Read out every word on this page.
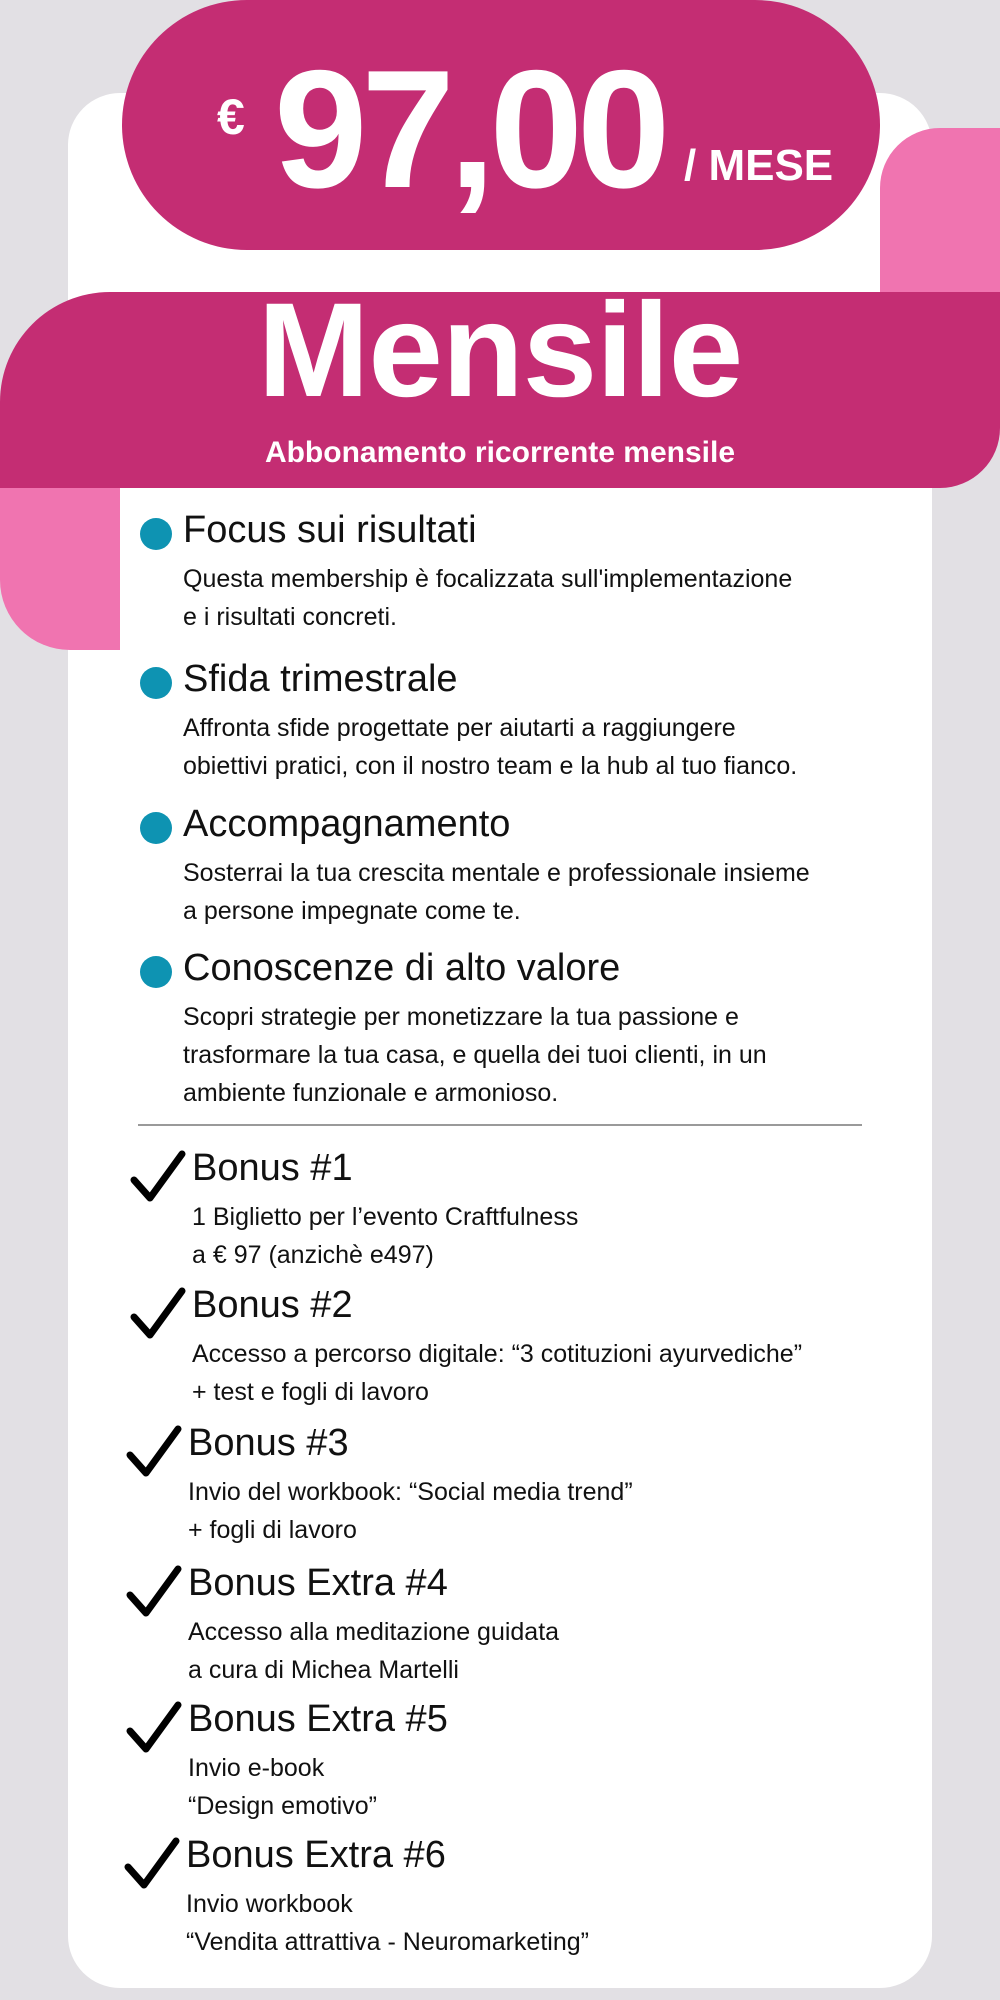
Mensile
Abbonamento ricorrente mensile
€ 97,00 / MESE
Focus sui risultati
Questa membership è focalizzata sull'implementazione
e i risultati concreti.
Sfida trimestrale
Affronta sfide progettate per aiutarti a raggiungere
obiettivi pratici, con il nostro team e la hub al tuo fianco.
Accompagnamento
Sosterrai la tua crescita mentale e professionale insieme
a persone impegnate come te.
Conoscenze di alto valore
Scopri strategie per monetizzare la tua passione e
trasformare la tua casa, e quella dei tuoi clienti, in un
ambiente funzionale e armonioso.
Bonus #1
1 Biglietto per l’evento Craftfulness
a € 97 (anzichè e497)
Bonus #2
Accesso a percorso digitale: “3 cotituzioni ayurvediche”
+ test e fogli di lavoro
Bonus #3
Invio del workbook: “Social media trend”
+ fogli di lavoro
Bonus Extra #4
Accesso alla meditazione guidata
a cura di Michea Martelli
Bonus Extra #5
Invio e-book
“Design emotivo”
Bonus Extra #6
Invio workbook
“Vendita attrattiva - Neuromarketing”
